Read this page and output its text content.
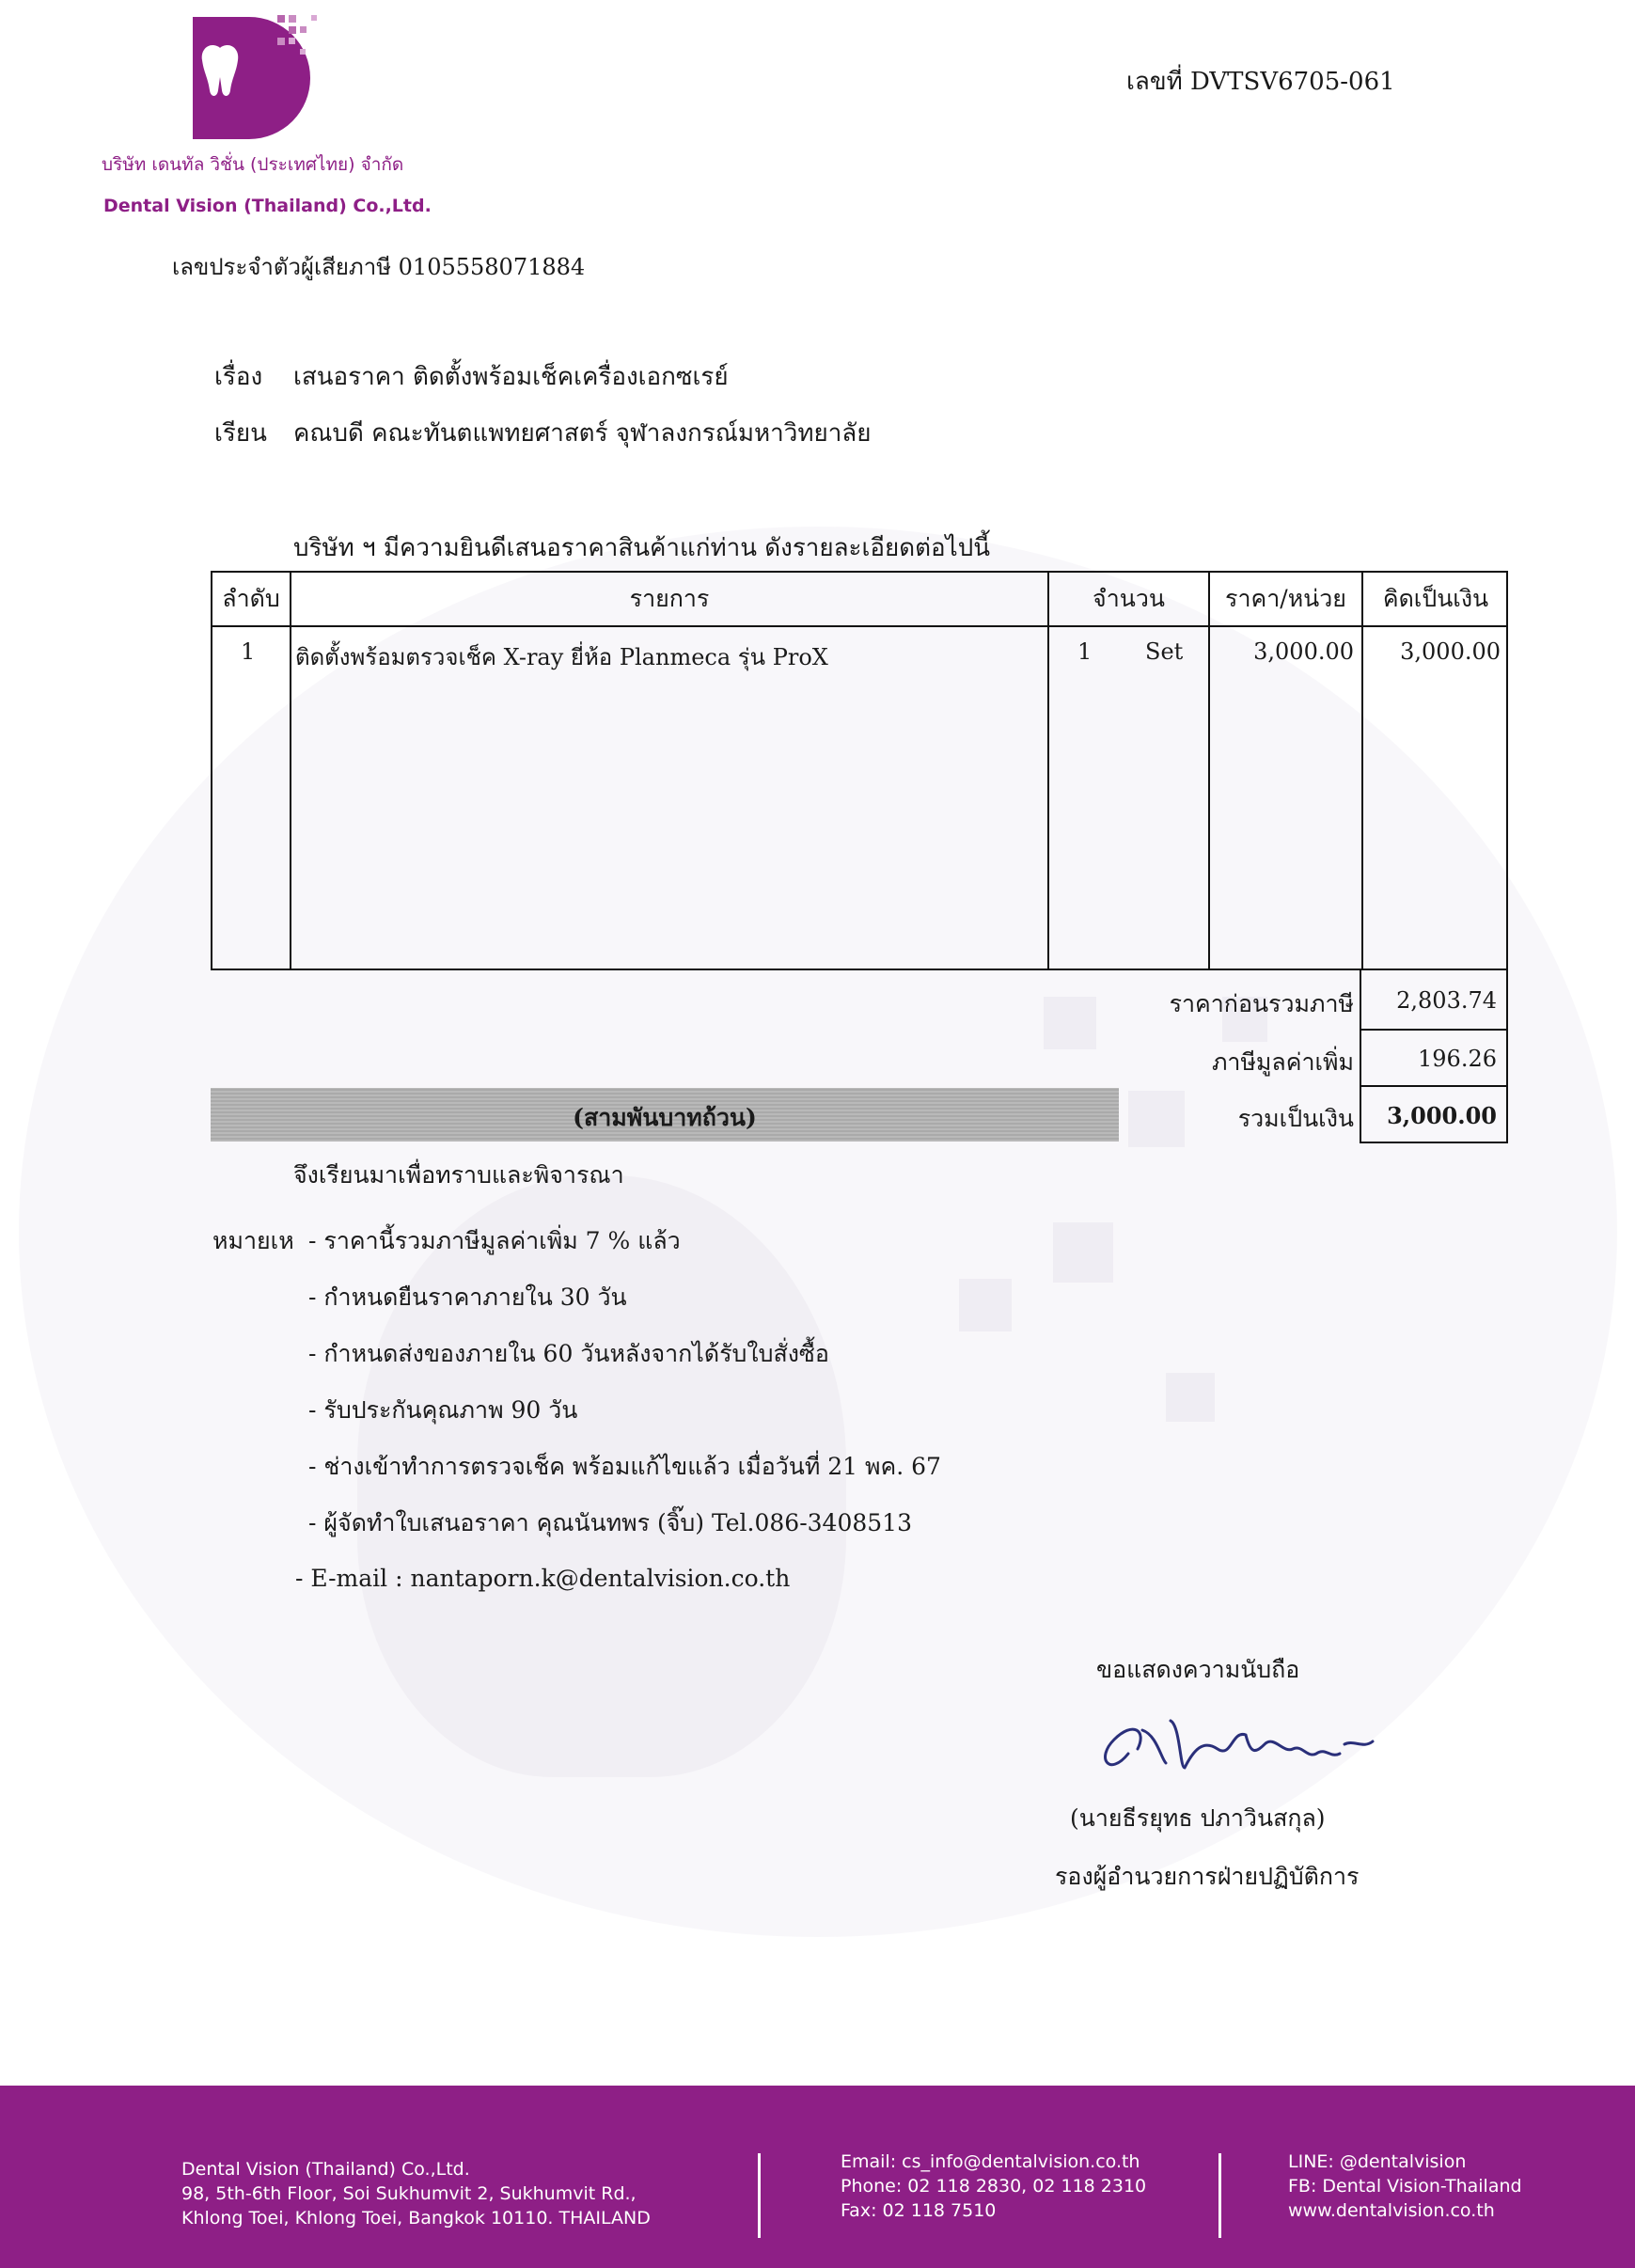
บริษัท เดนทัล วิชั่น (ประเทศไทย) จำกัด
Dental Vision (Thailand) Co.,Ltd.
เลขที่ DVTSV6705-061
เลขประจำตัวผู้เสียภาษี 0105558071884
เรื่อง เสนอราคา ติดตั้งพร้อมเช็คเครื่องเอกซเรย์
เรียน คณบดี คณะทันตแพทยศาสตร์ จุฬาลงกรณ์มหาวิทยาลัย
บริษัท ฯ มีความยินดีเสนอราคาสินค้าแก่ท่าน ดังรายละเอียดต่อไปนี้
ลำดับ	รายการ	จำนวน	ราคา/หน่วย	คิดเป็นเงิน
1 ติดตั้งพร้อมตรวจเช็ค X-ray ยี่ห้อ Planmeca รุ่น ProX	1 Set	3,000.00	3,000.00
ราคาก่อนรวมภาษี	2,803.74
ภาษีมูลค่าเพิ่ม	196.26
รวมเป็นเงิน	3,000.00
(สามพันบาทถ้วน)
จึงเรียนมาเพื่อทราบและพิจารณา
หมายเห - ราคานี้รวมภาษีมูลค่าเพิ่ม 7 % แล้ว
- กำหนดยืนราคาภายใน 30 วัน
- กำหนดส่งของภายใน 60 วันหลังจากได้รับใบสั่งซื้อ
- รับประกันคุณภาพ 90 วัน
- ช่างเข้าทำการตรวจเช็ค พร้อมแก้ไขแล้ว เมื่อวันที่ 21 พค. 67
- ผู้จัดทำใบเสนอราคา คุณนันทพร (จิ๊บ) Tel.086-3408513
- E-mail : nantaporn.k@dentalvision.co.th
ขอแสดงความนับถือ
(นายธีรยุทธ ปภาวินสกุล)
รองผู้อำนวยการฝ่ายปฏิบัติการ
Dental Vision (Thailand) Co.,Ltd.
98, 5th-6th Floor, Soi Sukhumvit 2, Sukhumvit Rd.,
Khlong Toei, Khlong Toei, Bangkok 10110. THAILAND
Email: cs_info@dentalvision.co.th
Phone: 02 118 2830, 02 118 2310
Fax: 02 118 7510
LINE: @dentalvision
FB: Dental Vision-Thailand
www.dentalvision.co.th
